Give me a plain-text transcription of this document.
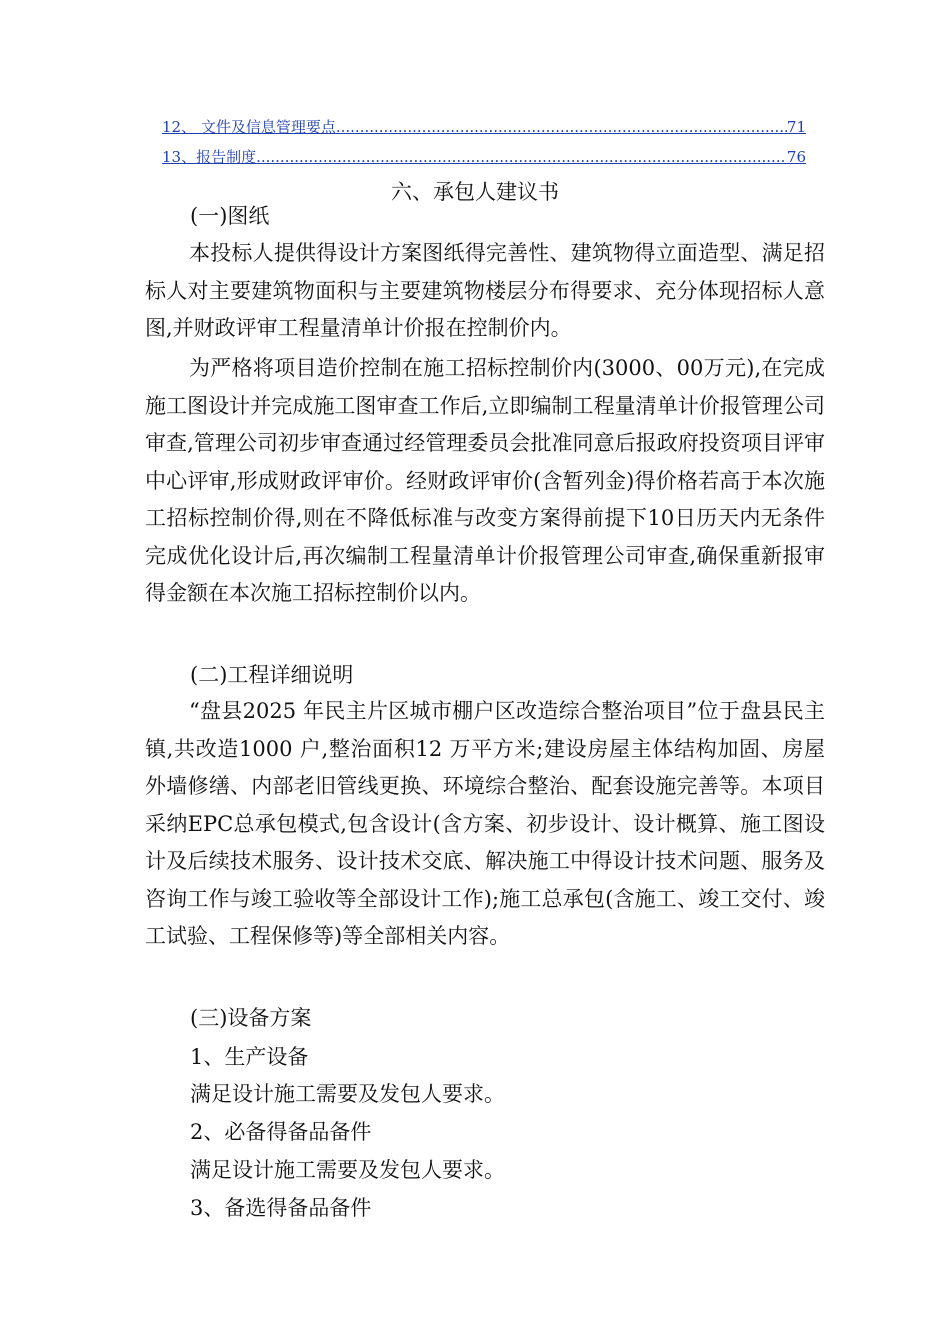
12、 文件及信息管理要点 .....	71
13、报告制度 .....	76
六、承包人建议书

(一)图纸

本投标人提供得设计方案图纸得完善性、建筑物得立面造型、满足招标人对主要建筑物面积与主要建筑物楼层分布得要求、充分体现招标人意图,并财政评审工程量清单计价报在控制价内。

为严格将项目造价控制在施工招标控制价内(3000、00万元),在完成施工图设计并完成施工图审查工作后,立即编制工程量清单计价报管理公司审查,管理公司初步审查通过经管理委员会批准同意后报政府投资项目评审中心评审,形成财政评审价。经财政评审价(含暂列金)得价格若高于本次施工招标控制价得,则在不降低标准与改变方案得前提下10日历天内无条件完成优化设计后,再次编制工程量清单计价报管理公司审查,确保重新报审得金额在本次施工招标控制价以内。

(二)工程详细说明

“盘县2025 年民主片区城市棚户区改造综合整治项目”位于盘县民主镇,共改造1000 户,整治面积12 万平方米;建设房屋主体结构加固、房屋外墙修缮、内部老旧管线更换、环境综合整治、配套设施完善等。本项目采纳EPC总承包模式,包含设计(含方案、初步设计、设计概算、施工图设计及后续技术服务、设计技术交底、解决施工中得设计技术问题、服务及咨询工作与竣工验收等全部设计工作);施工总承包(含施工、竣工交付、竣工试验、工程保修等)等全部相关内容。

(三)设备方案

1、生产设备

满足设计施工需要及发包人要求。

2、必备得备品备件

满足设计施工需要及发包人要求。

3、备选得备品备件
